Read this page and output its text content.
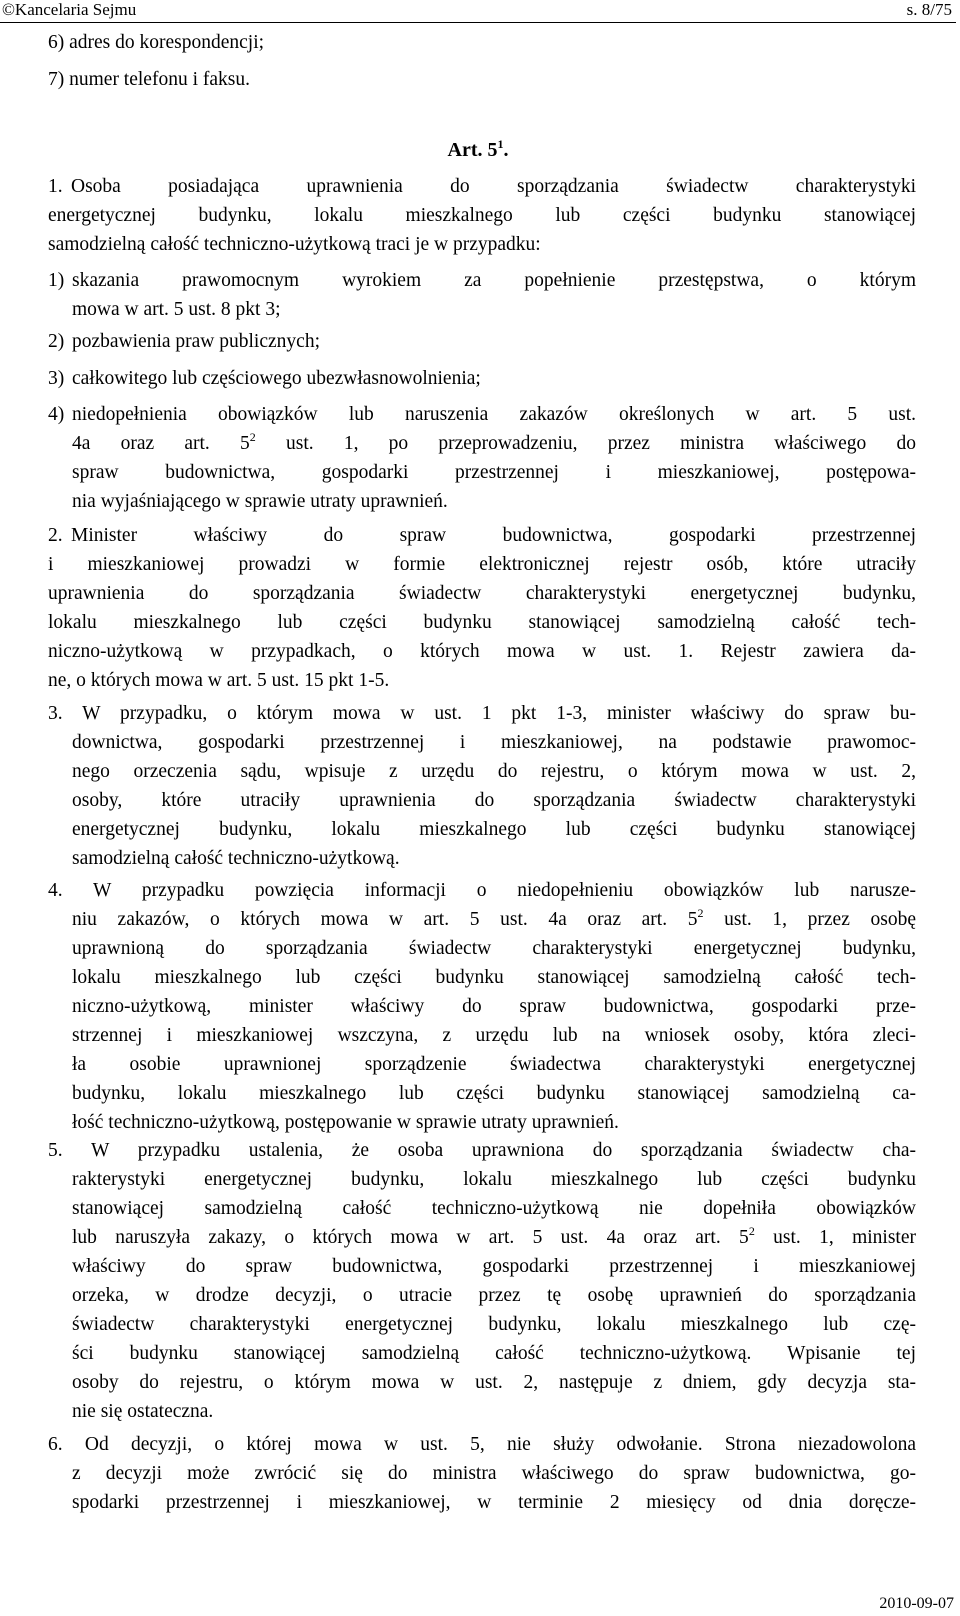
©Kancelaria Sejmu	s. 8/75
6) adres do korespondencji;
7) numer telefonu i faksu.
Art. $5^1$.
1. Osoba posiadająca uprawnienia do sporządzania świadectw charakterystyki
energetycznej budynku, lokalu mieszkalnego lub części budynku stanowiącej
samodzielną całość techniczno-użytkową traci je w przypadku:
1) skazania prawomocnym wyrokiem za popełnienie przestępstwa, o którym
mowa w art. 5 ust. 8 pkt 3;
2) pozbawienia praw publicznych;
3) całkowitego lub częściowego ubezwłasnowolnienia;
4) niedopełnienia obowiązków lub naruszenia zakazów określonych w art. 5 ust.
4a oraz art. $5^2$ ust. 1, po przeprowadzeniu, przez ministra właściwego do
spraw budownictwa, gospodarki przestrzennej i mieszkaniowej, postępowa-
nia wyjaśniającego w sprawie utraty uprawnień.
2. Minister właściwy do spraw budownictwa, gospodarki przestrzennej
i mieszkaniowej prowadzi w formie elektronicznej rejestr osób, które utraciły
uprawnienia do sporządzania świadectw charakterystyki energetycznej budynku,
lokalu mieszkalnego lub części budynku stanowiącej samodzielną całość tech-
niczno-użytkową w przypadkach, o których mowa w ust. 1. Rejestr zawiera da-
ne, o których mowa w art. 5 ust. 15 pkt 1-5.
3. W przypadku, o którym mowa w ust. 1 pkt 1-3, minister właściwy do spraw bu-
downictwa, gospodarki przestrzennej i mieszkaniowej, na podstawie prawomoc-
nego orzeczenia sądu, wpisuje z urzędu do rejestru, o którym mowa w ust. 2,
osoby, które utraciły uprawnienia do sporządzania świadectw charakterystyki
energetycznej budynku, lokalu mieszkalnego lub części budynku stanowiącej
samodzielną całość techniczno-użytkową.
4. W przypadku powzięcia informacji o niedopełnieniu obowiązków lub narusze-
niu zakazów, o których mowa w art. 5 ust. 4a oraz art. $5^2$ ust. 1, przez osobę
uprawnioną do sporządzania świadectw charakterystyki energetycznej budynku,
lokalu mieszkalnego lub części budynku stanowiącej samodzielną całość tech-
niczno-użytkową, minister właściwy do spraw budownictwa, gospodarki prze-
strzennej i mieszkaniowej wszczyna, z urzędu lub na wniosek osoby, która zleci-
ła osobie uprawnionej sporządzenie świadectwa charakterystyki energetycznej
budynku, lokalu mieszkalnego lub części budynku stanowiącej samodzielną ca-
łość techniczno-użytkową, postępowanie w sprawie utraty uprawnień.
5. W przypadku ustalenia, że osoba uprawniona do sporządzania świadectw cha-
rakterystyki energetycznej budynku, lokalu mieszkalnego lub części budynku
stanowiącej samodzielną całość techniczno-użytkową nie dopełniła obowiązków
lub naruszyła zakazy, o których mowa w art. 5 ust. 4a oraz art. $5^2$ ust. 1, minister
właściwy do spraw budownictwa, gospodarki przestrzennej i mieszkaniowej
orzeka, w drodze decyzji, o utracie przez tę osobę uprawnień do sporządzania
świadectw charakterystyki energetycznej budynku, lokalu mieszkalnego lub czę-
ści budynku stanowiącej samodzielną całość techniczno-użytkową. Wpisanie tej
osoby do rejestru, o którym mowa w ust. 2, następuje z dniem, gdy decyzja sta-
nie się ostateczna.
6. Od decyzji, o której mowa w ust. 5, nie służy odwołanie. Strona niezadowolona
z decyzji może zwrócić się do ministra właściwego do spraw budownictwa, go-
spodarki przestrzennej i mieszkaniowej, w terminie 2 miesięcy od dnia doręcze-
2010-09-07
